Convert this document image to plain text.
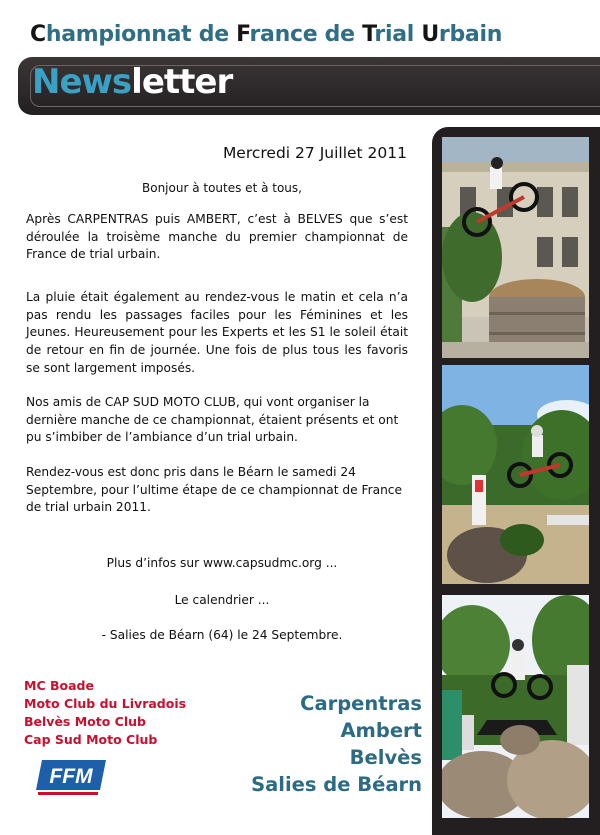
Championnat de France de Trial Urbain
Newsletter
Mercredi 27 Juillet 2011
Bonjour à toutes et à tous,

Après CARPENTRAS puis AMBERT, c’est à BELVES que s’est déroulée la troisème manche du premier championnat de France de trial urbain.

La pluie était également au rendez-vous le matin et cela n’a pas rendu les passages faciles pour les Féminines et les Jeunes. Heureusement pour les Experts et les S1 le soleil était de retour en fin de journée. Une fois de plus tous les favoris se sont largement imposés.

Nos amis de CAP SUD MOTO CLUB, qui vont organiser la dernière manche de ce championnat, étaient présents et ont pu s’imbiber de l’ambiance d’un trial urbain.

Rendez-vous est donc pris dans le Béarn le samedi 24 Septembre, pour l’ultime étape de ce championnat de France de trial urbain 2011.

Plus d’infos sur www.capsudmc.org ...
Le calendrier ...
- Salies de Béarn (64) le 24 Septembre.
MC Boade
Moto Club du Livradois
Belvès Moto Club
Cap Sud Moto Club
FFM
Carpentras
Ambert
Belvès
Salies de Béarn
